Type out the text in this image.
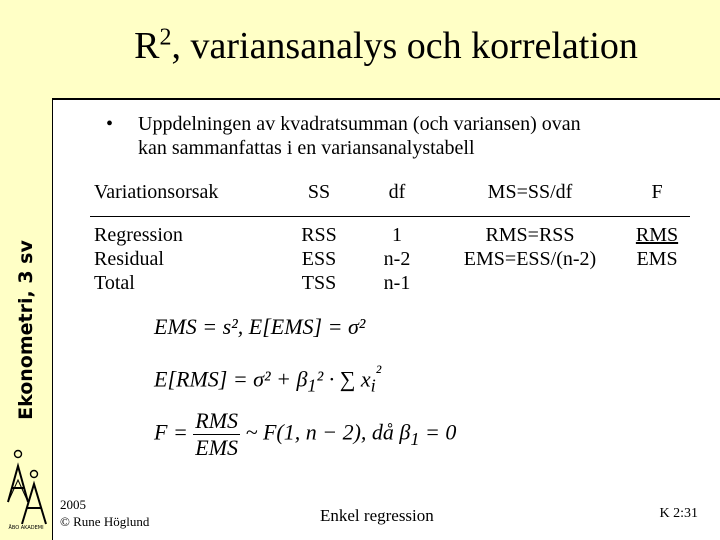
Ekonometri, 3 sv
ÅBO AKADEMI
$R^2$, variansanalys och korrelation
• Uppdelningen av kvadratsumman (och variansen) ovan
kan sammanfattas i en variansanalystabell
Variationsorsak	SS	df	MS=SS/df	F
Regression	RSS	1	RMS=RSS	RMS
Residual	ESS	n-2	EMS=ESS/(n-2)	EMS
Total	TSS	n-1		
EMS = s², E[EMS] = σ²
$E[RMS] = \sigma^2 + \beta_1^2$ · ∑ $x_i^{^2}$
$F = \frac{\text{RMS}}{\text{EMS}}$ ~ F(1, n − 2), då $\beta_1 = 0$
2005
© Rune Höglund	Enkel regression	K 2:31
